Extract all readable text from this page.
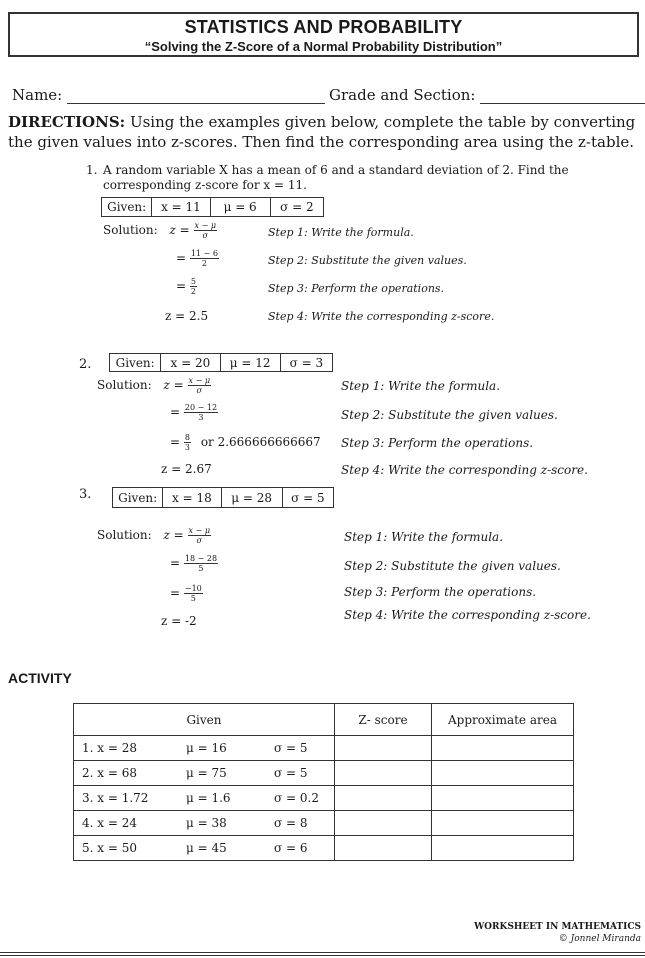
STATISTICS AND PROBABILITY
“Solving the Z-Score of a Normal Probability Distribution”
Name:	Grade and Section:
DIRECTIONS: Using the examples given below, complete the table by converting the given values into z-scores. Then find the corresponding area using the z-table.
1. A random variable X has a mean of 6 and a standard deviation of 2. Find the
corresponding z-score for x = 11.
Given:	x = 11	μ = 6	σ = 2
Solution: $z = \frac{x - \mu}{\sigma}$
= $\frac{11 - 6}{2}$
= $\frac{5}{2}$
z = 2.5
Step 1: Write the formula.
Step 2: Substitute the given values.
Step 3: Perform the operations.
Step 4: Write the corresponding z-score.
2.	Given:	x = 20	μ = 12	σ = 3
Solution: $z = \frac{x - \mu}{\sigma}$
= $\frac{20 - 12}{3}$
= $\frac{8}{3}$ or 2.666666666667
z = 2.67
Step 1: Write the formula.
Step 2: Substitute the given values.
Step 3: Perform the operations.
Step 4: Write the corresponding z-score.
3.	Given:	x = 18	μ = 28	σ = 5
Solution: $z = \frac{x - \mu}{\sigma}$
= $\frac{18 - 28}{5}$
= $\frac{-10}{5}$
z = -2
Step 1: Write the formula.
Step 2: Substitute the given values.
Step 3: Perform the operations.
Step 4: Write the corresponding z-score.
ACTIVITY
Given	Z- score	Approximate area
1. x = 28 μ = 16 σ = 5		
2. x = 68 μ = 75 σ = 5		
3. x = 1.72 μ = 1.6 σ = 0.2		
4. x = 24 μ = 38 σ = 8		
5. x = 50 μ = 45 σ = 6		
WORKSHEET IN MATHEMATICS
© Jonnel Miranda
